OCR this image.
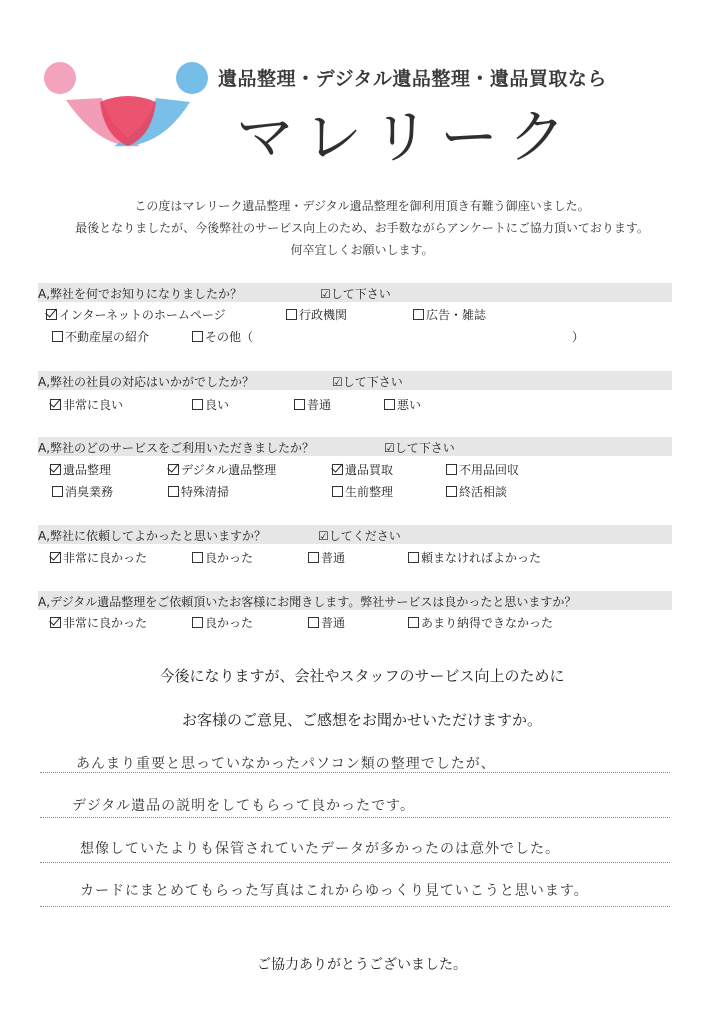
遺品整理・デジタル遺品整理・遺品買取なら
マレリーク
この度はマレリーク遺品整理・デジタル遺品整理を御利用頂き有難う御座いました。
最後となりましたが、今後弊社のサービス向上のため、お手数ながらアンケートにご協力頂いております。
何卒宜しくお願いします。
A,弊社を何でお知りになりましたか？	☑して下さい
インターネットのホームページ	行政機関	広告・雑誌
不動産屋の紹介	その他（	）
A,弊社の社員の対応はいかがでしたか？	☑して下さい
非常に良い	良い	普通	悪い
A,弊社のどのサービスをご利用いただきましたか？	☑して下さい
遺品整理	デジタル遺品整理	遺品買取	不用品回収
消臭業務	特殊清掃	生前整理	終活相談
A,弊社に依頼してよかったと思いますか？	☑してください
非常に良かった	良かった	普通	頼まなければよかった
A,デジタル遺品整理をご依頼頂いたお客様にお聞きします。弊社サービスは良かったと思いますか？
非常に良かった	良かった	普通	あまり納得できなかった
今後になりますが、会社やスタッフのサービス向上のために
お客様のご意見、ご感想をお聞かせいただけますか。
あんまり重要と思っていなかったパソコン類の整理でしたが、
デジタル遺品の説明をしてもらって良かったです。
想像していたよりも保管されていたデータが多かったのは意外でした。
カードにまとめてもらった写真はこれからゆっくり見ていこうと思います。
ご協力ありがとうございました。
